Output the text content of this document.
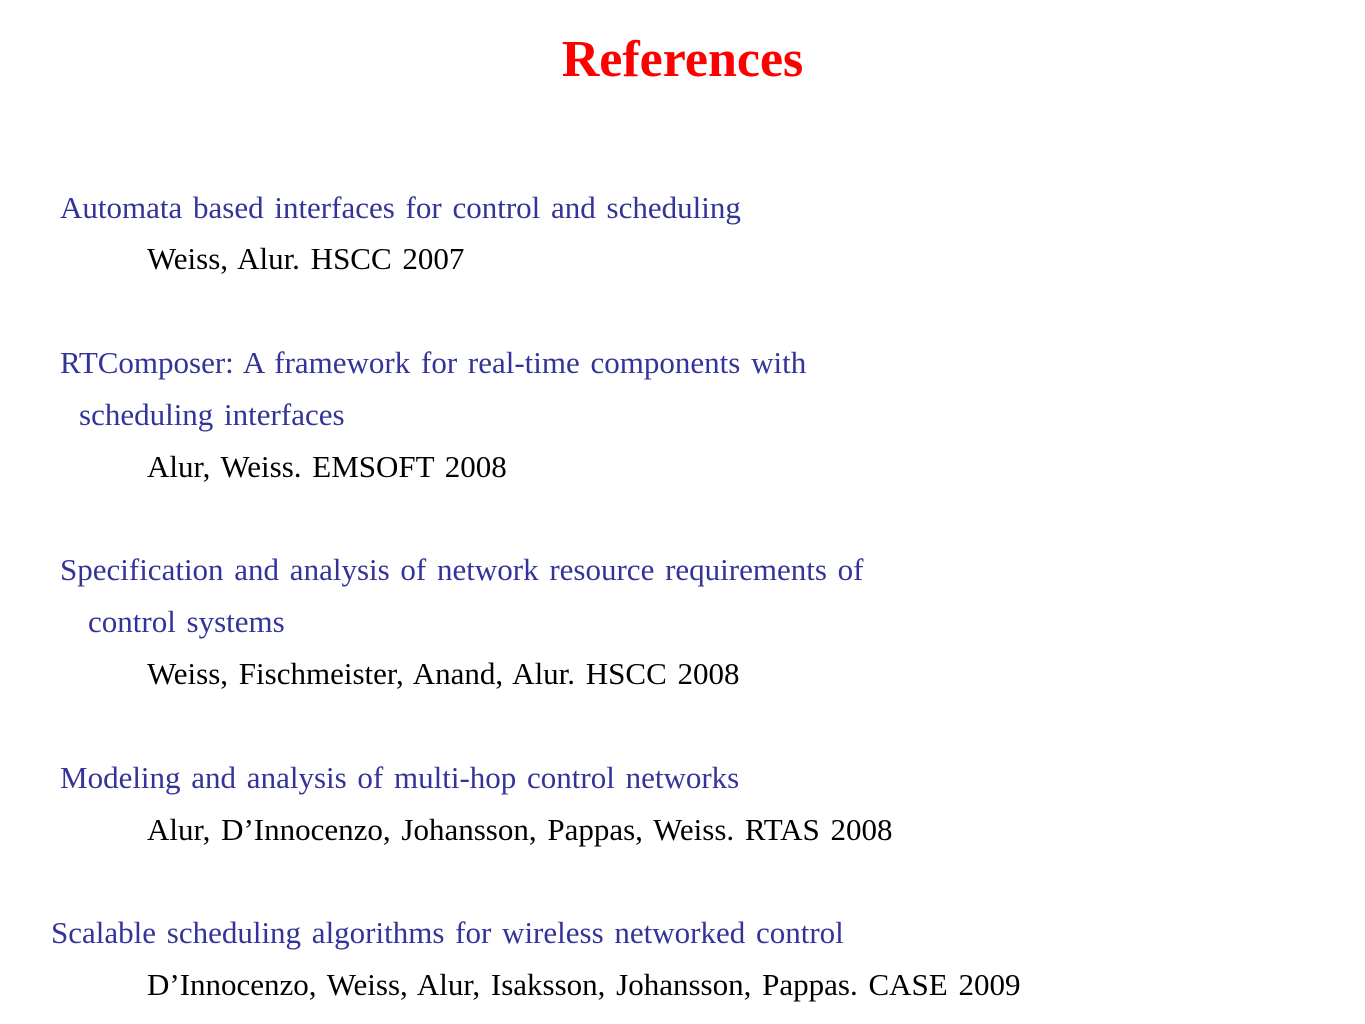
References
Automata based interfaces for control and scheduling
Weiss, Alur. HSCC 2007
RTComposer: A framework for real-time components with
scheduling interfaces
Alur, Weiss. EMSOFT 2008
Specification and analysis of network resource requirements of
control systems
Weiss, Fischmeister, Anand, Alur. HSCC 2008
Modeling and analysis of multi-hop control networks
Alur, D’Innocenzo, Johansson, Pappas, Weiss. RTAS 2008
Scalable scheduling algorithms for wireless networked control
D’Innocenzo, Weiss, Alur, Isaksson, Johansson, Pappas. CASE 2009
